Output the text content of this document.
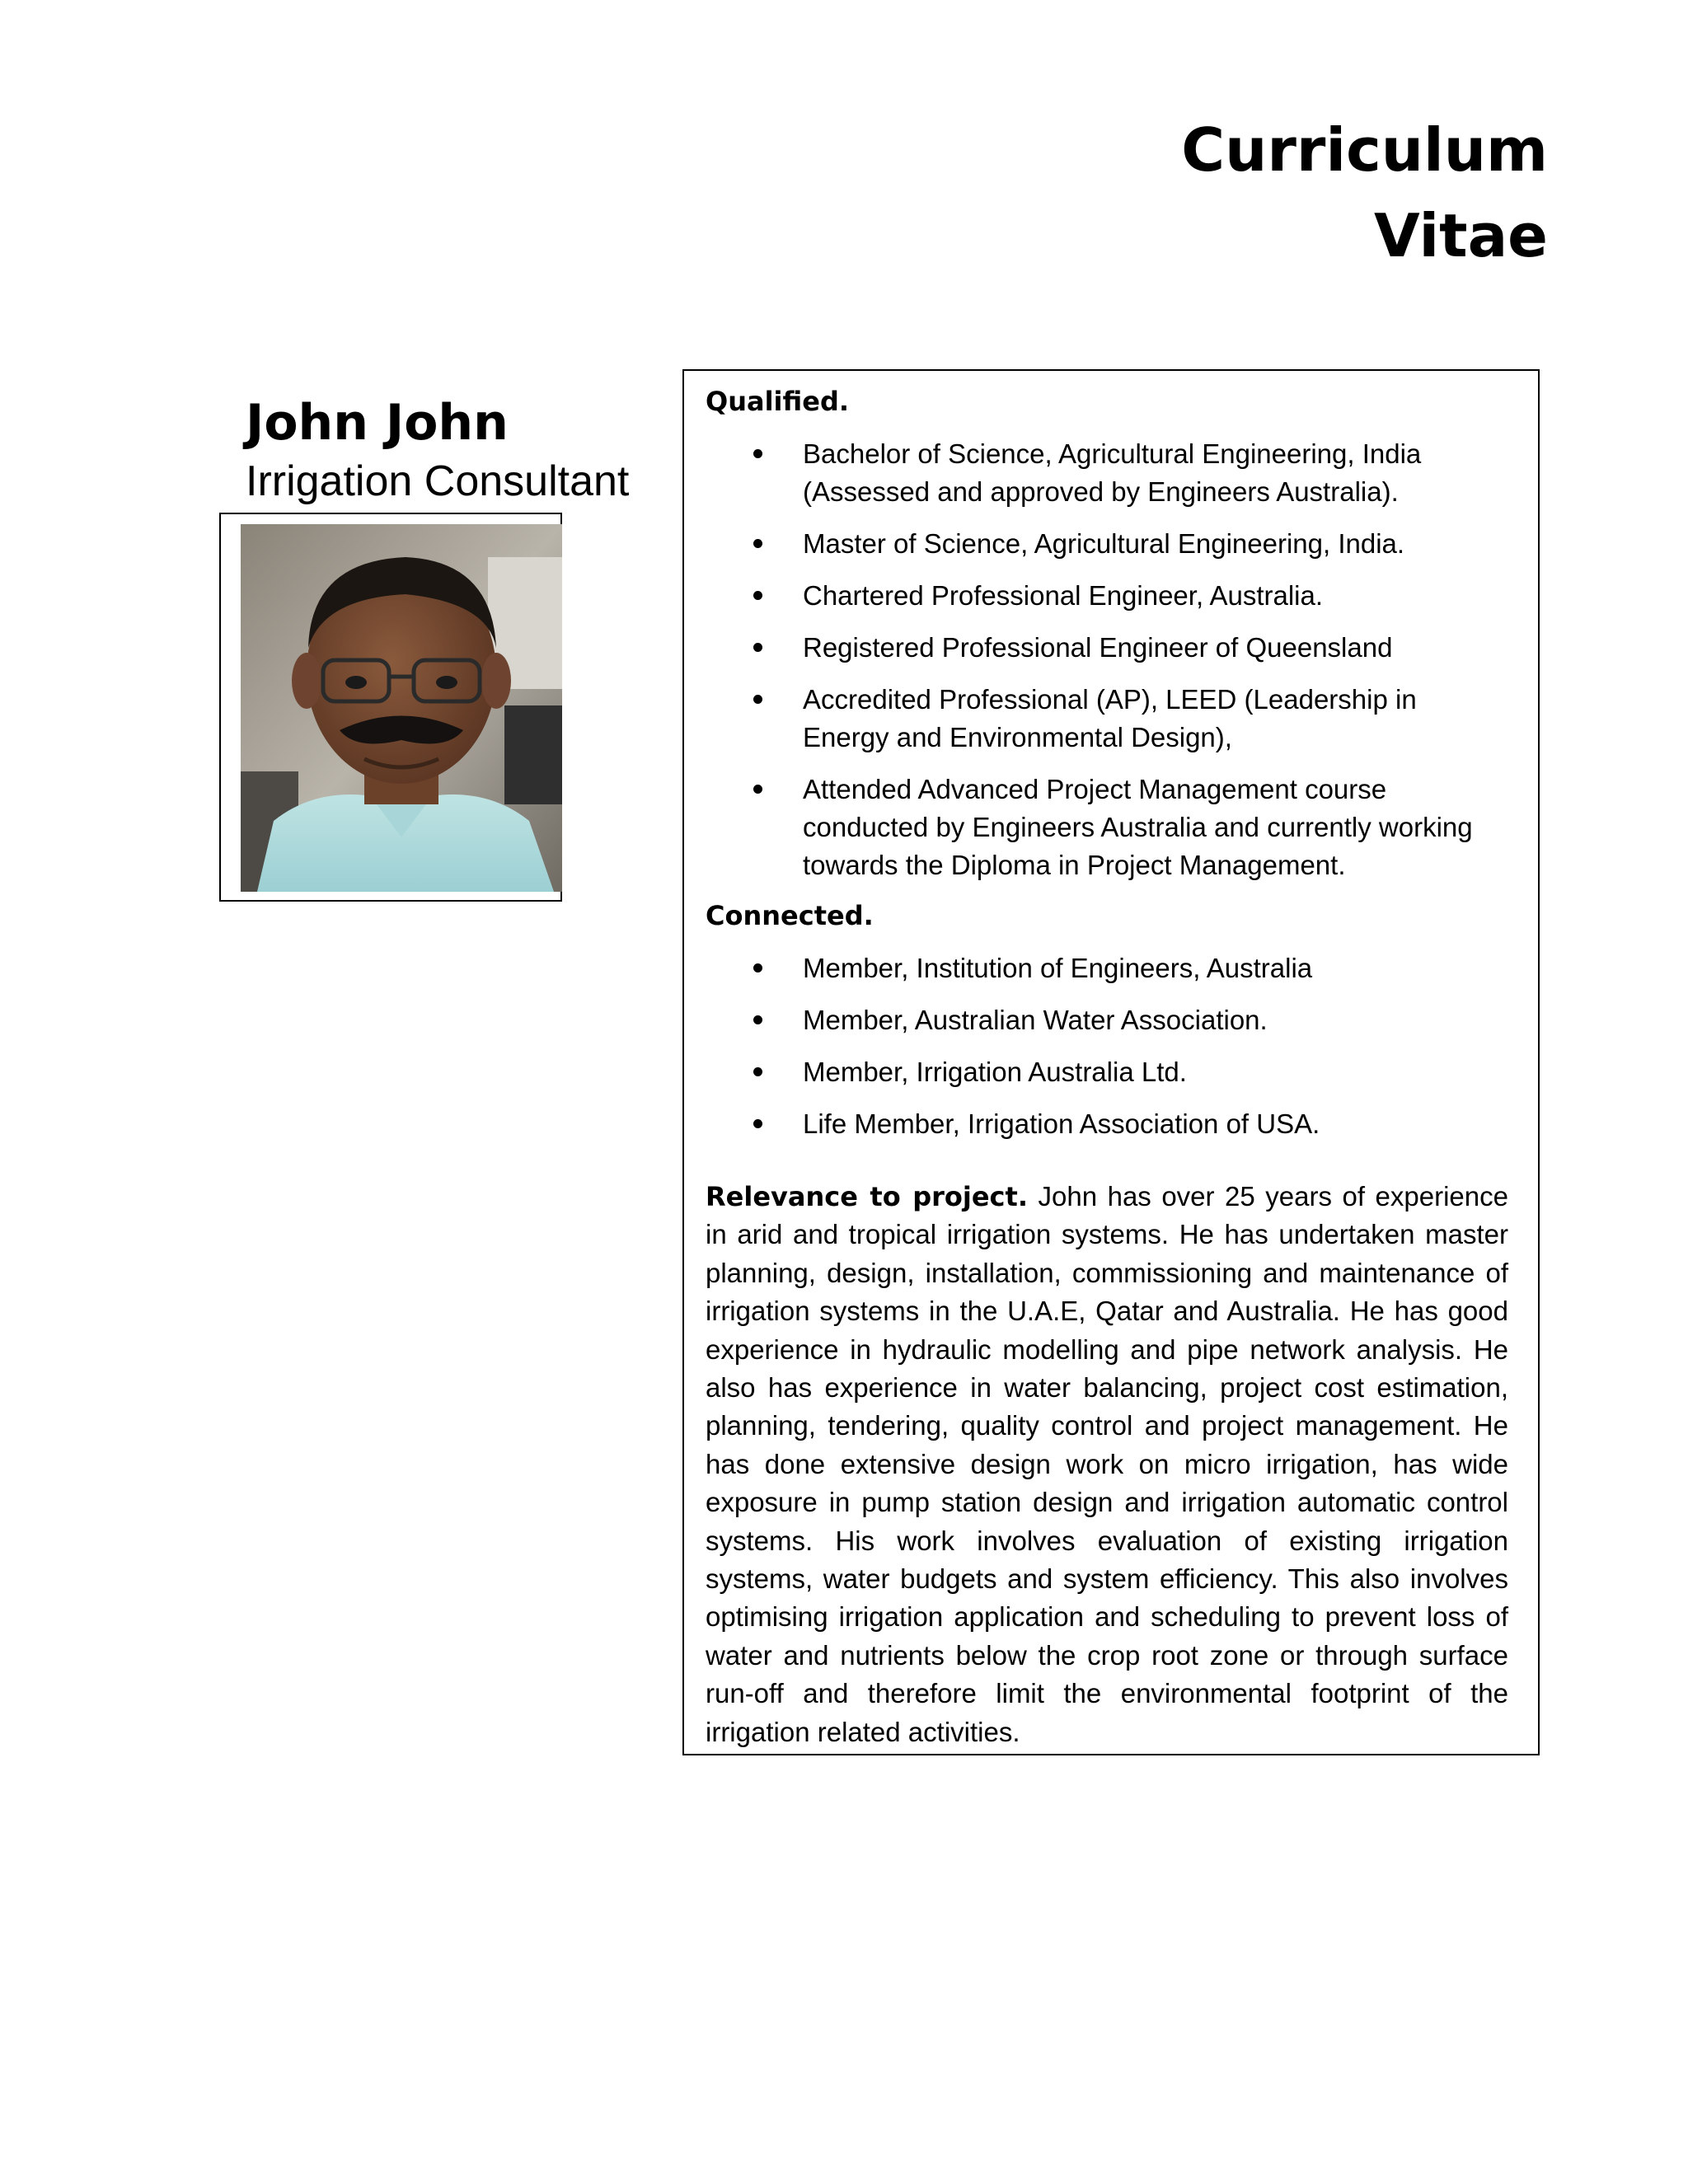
Curriculum
Vitae
John John
Irrigation Consultant
Qualified.
Bachelor of Science, Agricultural Engineering, India (Assessed and approved by Engineers Australia).
Master of Science, Agricultural Engineering, India.
Chartered Professional Engineer, Australia.
Registered Professional Engineer of Queensland
Accredited Professional (AP), LEED (Leadership in Energy and Environmental Design),
Attended Advanced Project Management course conducted by Engineers Australia and currently working towards the Diploma in Project Management.
Connected.
Member, Institution of Engineers, Australia
Member, Australian Water Association.
Member, Irrigation Australia Ltd.
Life Member, Irrigation Association of USA.

Relevance to project. John has over 25 years of experience in arid and tropical irrigation systems. He has undertaken master planning, design, installation, commissioning and maintenance of irrigation systems in the U.A.E, Qatar and Australia. He has good experience in hydraulic modelling and pipe network analysis. He also has experience in water balancing, project cost estimation, planning, tendering, quality control and project management. He has done extensive design work on micro irrigation, has wide exposure in pump station design and irrigation automatic control systems. His work involves evaluation of existing irrigation systems, water budgets and system efficiency. This also involves optimising irrigation application and scheduling to prevent loss of water and nutrients below the crop root zone or through surface run-off and therefore limit the environmental footprint of the irrigation related activities.
